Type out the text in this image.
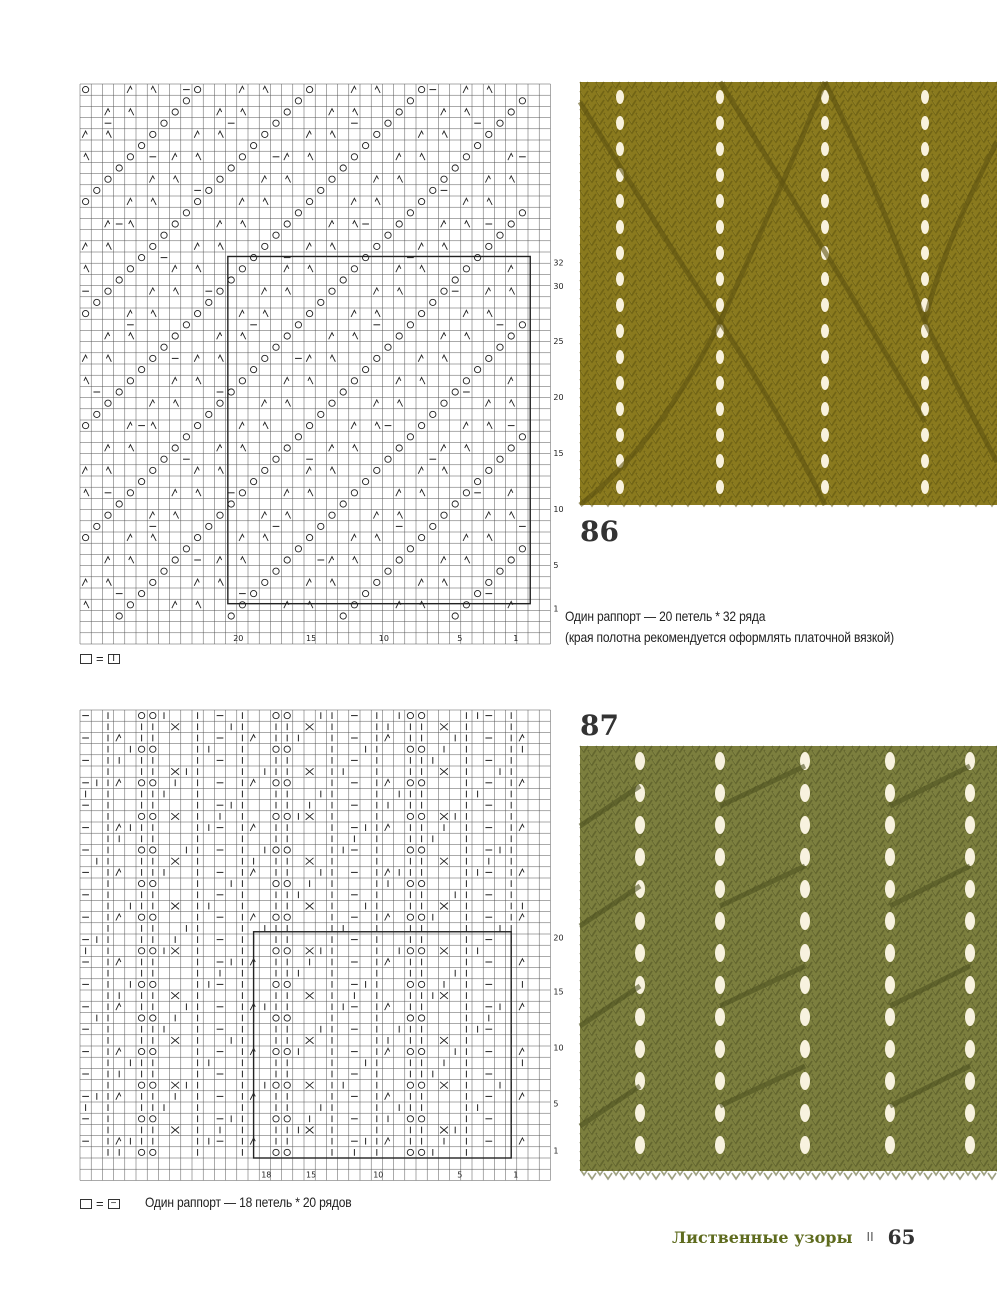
32
30
25
20
15
10
5
1
20	15	10	5	1
86
Один раппорт — 20 петель * 32 ряда
(края полотна рекомендуется оформлять платочной вязкой)
= I
87
20
15
10
5
1
18	15	10	5	1
= − Один раппорт — 18 петель * 20 рядов
Лиственные узоры II 65
